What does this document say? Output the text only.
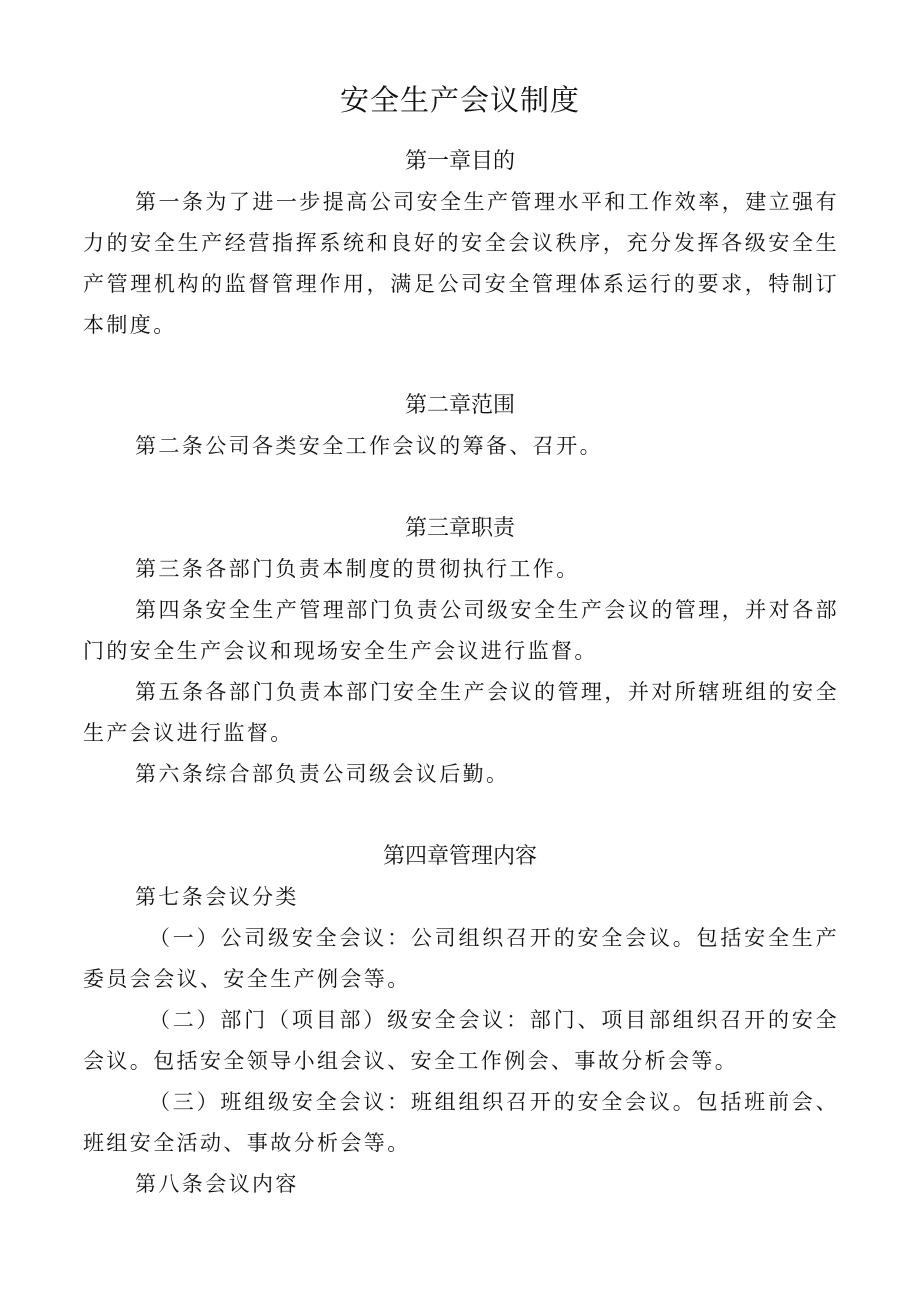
安全生产会议制度
第一章目的

第一条为了进一步提高公司安全生产管理水平和工作效率，建立强有力的安全生产经营指挥系统和良好的安全会议秩序，充分发挥各级安全生产管理机构的监督管理作用，满足公司安全管理体系运行的要求，特制订本制度。

第二章范围

第二条公司各类安全工作会议的筹备、召开。

第三章职责

第三条各部门负责本制度的贯彻执行工作。

第四条安全生产管理部门负责公司级安全生产会议的管理，并对各部门的安全生产会议和现场安全生产会议进行监督。

第五条各部门负责本部门安全生产会议的管理，并对所辖班组的安全生产会议进行监督。

第六条综合部负责公司级会议后勤。

第四章管理内容

第七条会议分类

（一）公司级安全会议：公司组织召开的安全会议。包括安全生产委员会会议、安全生产例会等。

（二）部门（项目部）级安全会议：部门、项目部组织召开的安全会议。包括安全领导小组会议、安全工作例会、事故分析会等。

（三）班组级安全会议：班组组织召开的安全会议。包括班前会、班组安全活动、事故分析会等。

第八条会议内容
